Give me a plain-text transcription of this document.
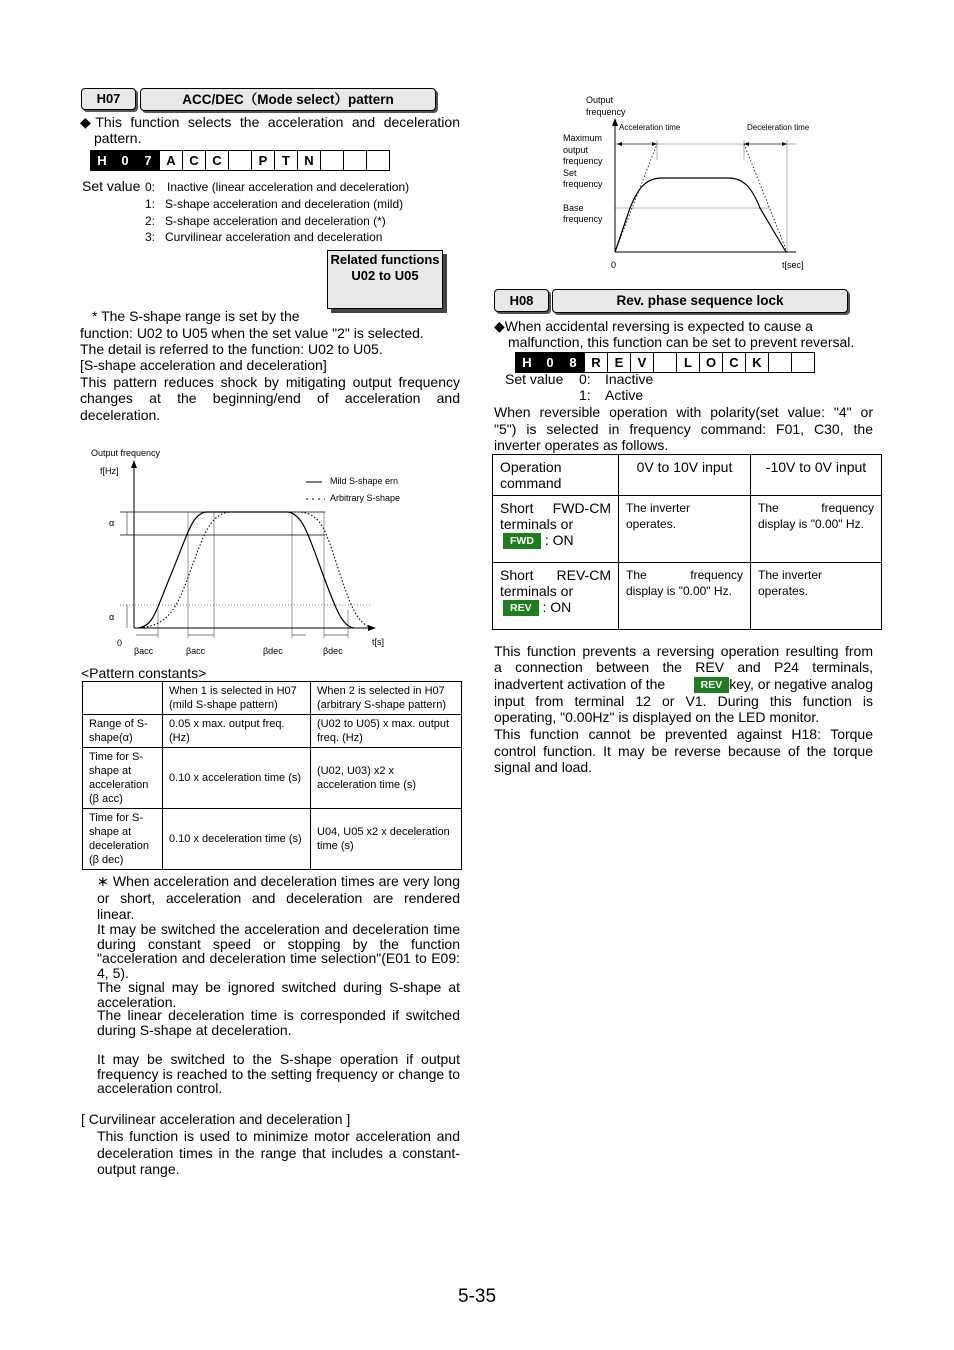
H07	ACC/DEC（Mode select）pattern
◆This function selects the acceleration and deceleration
pattern.
H	0	7	A	C	C	P	T	N
Set value 0: Inactive (linear acceleration and deceleration)
1: S-shape acceleration and deceleration (mild)
2: S-shape acceleration and deceleration (*)
3: Curvilinear acceleration and deceleration
Related functions
U02 to U05
* The S-shape range is set by the
function: U02 to U05 when the set value "2" is selected.
The detail is referred to the function: U02 to U05.
[S-shape acceleration and deceleration]
This pattern reduces shock by mitigating output frequency
changes at the beginning/end of acceleration and
deceleration.
Output frequency
f[Hz]
t[s]
0
Mild S-shape ern
Arbitrary S-shape
α
α
βacc	βacc	βdec	βdec
<Pattern constants>
	When 1 is selected in H07 (mild S-shape pattern)	When 2 is selected in H07 (arbitrary S-shape pattern)
Range of S-shape(α)	0.05 x max. output freq. (Hz)	(U02 to U05) x max. output freq. (Hz)
Time for S-shape at acceleration (β acc)	0.10 x acceleration time (s)	(U02, U03) x2 x acceleration time (s)
Time for S-shape at deceleration (β dec)	0.10 x deceleration time (s)	U04, U05 x2 x deceleration time (s)
∗ When acceleration and deceleration times are very long or short, acceleration and deceleration are rendered linear.
It may be switched the acceleration and deceleration time during constant speed or stopping by the function "acceleration and deceleration time selection"(E01 to E09: 4, 5).
The signal may be ignored switched during S-shape at acceleration.
The linear deceleration time is corresponded if switched during S-shape at deceleration.
It may be switched to the S-shape operation if output frequency is reached to the setting frequency or change to acceleration control.
[ Curvilinear acceleration and deceleration ]
This function is used to minimize motor acceleration and deceleration times in the range that includes a constant-output range.
Output
frequency
Acceleration time	Deceleration time
Maximum
output
frequency
Set
frequency
Base
frequency
0	t[sec]
H08	Rev. phase sequence lock
◆When accidental reversing is expected to cause a
malfunction, this function can be set to prevent reversal.
H	0	8	R	E	V	L	O	C	K
Set value 0: Inactive
1: Active
When reversible operation with polarity(set value: "4" or
"5") is selected in frequency command: F01, C30, the
inverter operates as follows.
Operation command	0V to 10V input	-10V to 0V input

Short FWD-CM terminals or
FWD : ON	The inverter operates.	The frequency display is "0.00" Hz.

Short REV-CM terminals or
REV : ON	The frequency display is "0.00" Hz.	The inverter operates.
This function prevents a reversing operation resulting from
a connection between the REV and P24 terminals,
inadvertent activation of the	REV key, or negative analog
input from terminal 12 or V1. During this function is
operating, "0.00Hz" is displayed on the LED monitor.
This function cannot be prevented against H18: Torque
control function. It may be reverse because of the torque
signal and load.
5-35
